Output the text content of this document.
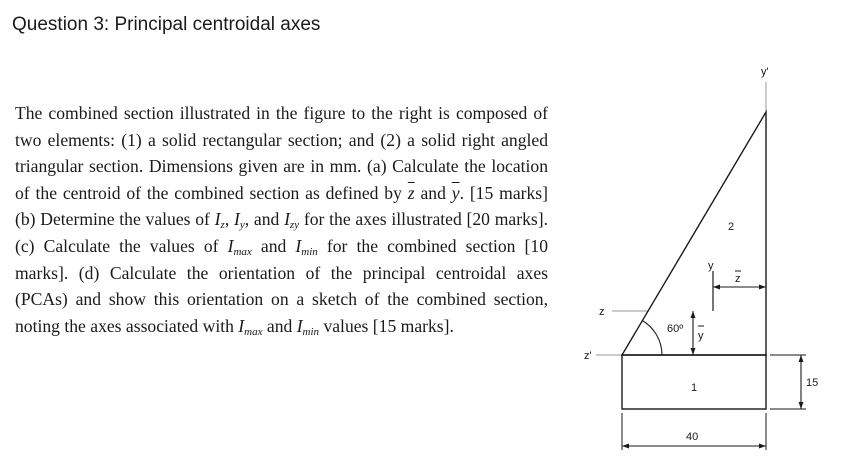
Question 3: Principal centroidal axes
The combined section illustrated in the figure to the right is composed of two elements: (1) a solid rectangular section; and (2) a solid right angled triangular section. Dimensions given are in mm. (a) Calculate the location of the centroid of the combined section as defined by $\overline{z}$ and $\overline{y}$. [15 marks] (b) Determine the values of $I_z$, $I_y$, and $I_{zy}$ for the axes illustrated [20 marks]. (c) Calculate the values of $I_{max}$ and $I_{min}$ for the combined section [10 marks]. (d) Calculate the orientation of the principal centroidal axes (PCAs) and show this orientation on a sketch of the combined section, noting the axes associated with $I_{max}$ and $I_{min}$ values [15 marks].
y'
z'
z
1
2
y
z
y
60º
40
15
